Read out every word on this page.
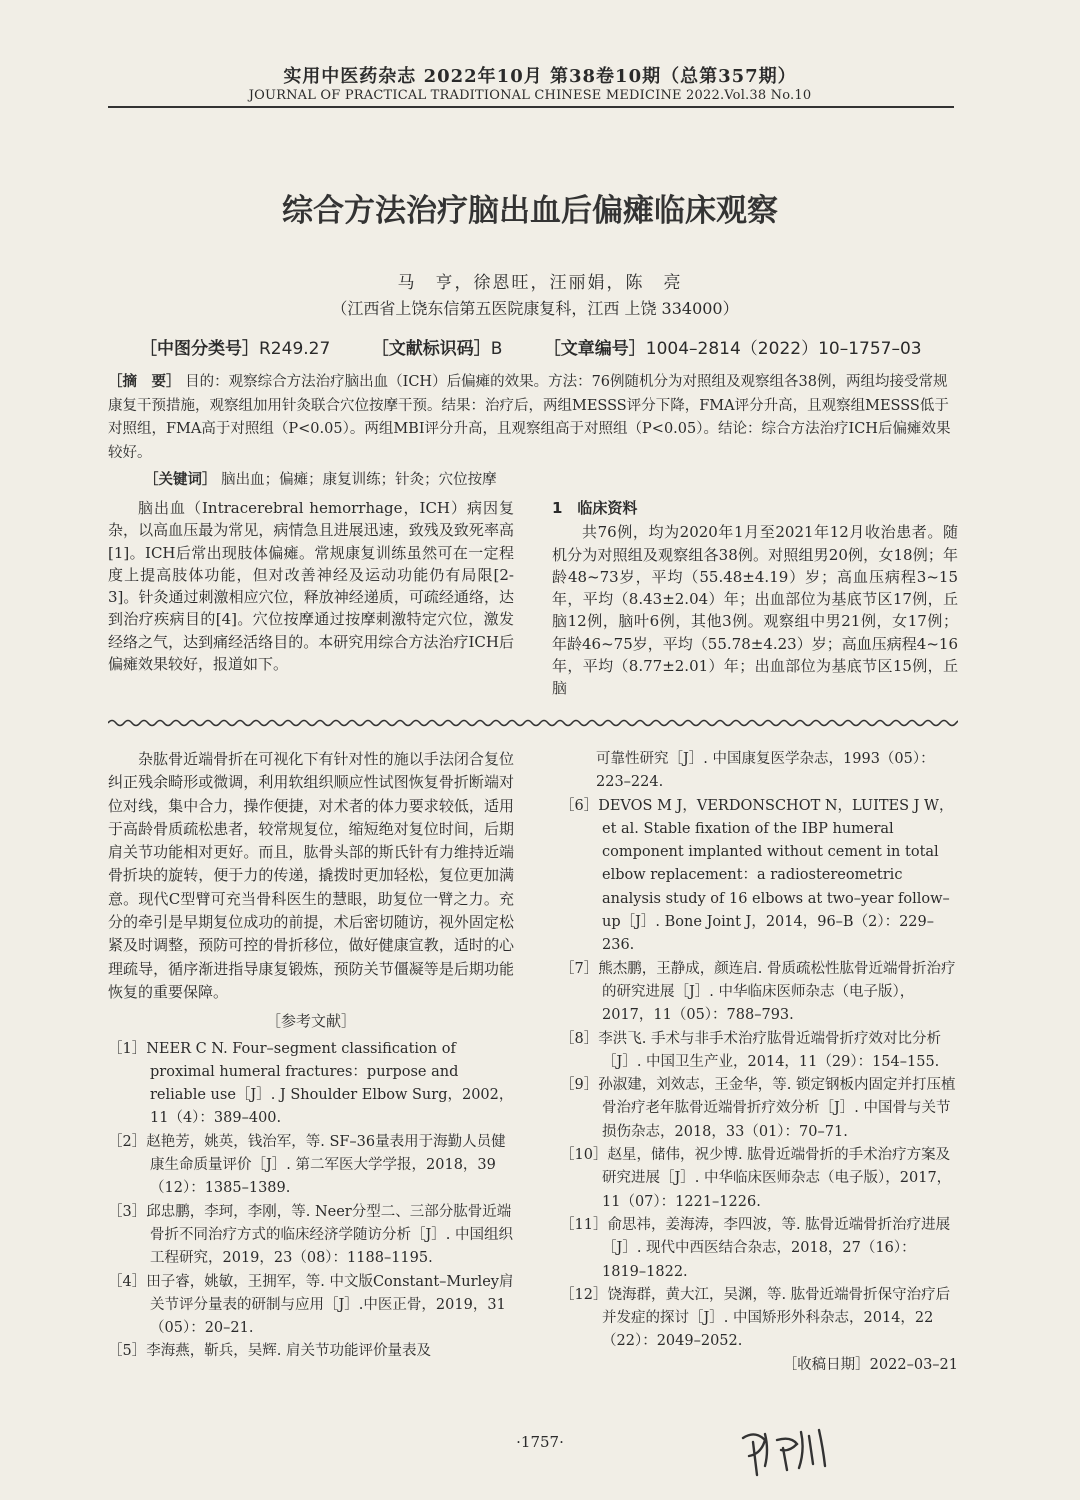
实用中医药杂志 2022年10月 第38卷10期（总第357期）
JOURNAL OF PRACTICAL TRADITIONAL CHINESE MEDICINE 2022.Vol.38 No.10
综合方法治疗脑出血后偏瘫临床观察
马　亨，徐恩旺，汪丽娟，陈　亮
（江西省上饶东信第五医院康复科，江西 上饶 334000）
［中图分类号］R249.27 ［文献标识码］B ［文章编号］1004–2814（2022）10–1757–03
［摘　要］ 目的：观察综合方法治疗脑出血（ICH）后偏瘫的效果。方法：76例随机分为对照组及观察组各38例，两组均接受常规康复干预措施，观察组加用针灸联合穴位按摩干预。结果：治疗后，两组MESSS评分下降，FMA评分升高，且观察组MESSS低于对照组，FMA高于对照组（P<0.05）。两组MBI评分升高，且观察组高于对照组（P<0.05）。结论：综合方法治疗ICH后偏瘫效果较好。
［关键词］ 脑出血；偏瘫；康复训练；针灸；穴位按摩

脑出血（Intracerebral hemorrhage，ICH）病因复杂，以高血压最为常见，病情急且进展迅速，致残及致死率高[1]。ICH后常出现肢体偏瘫。常规康复训练虽然可在一定程度上提高肢体功能，但对改善神经及运动功能仍有局限[2-3]。针灸通过刺激相应穴位，释放神经递质，可疏经通络，达到治疗疾病目的[4]。穴位按摩通过按摩刺激特定穴位，激发经络之气，达到痛经活络目的。本研究用综合方法治疗ICH后偏瘫效果较好，报道如下。

1　临床资料

共76例，均为2020年1月至2021年12月收治患者。随机分为对照组及观察组各38例。对照组男20例，女18例；年龄48~73岁，平均（55.48±4.19）岁；高血压病程3~15年，平均（8.43±2.04）年；出血部位为基底节区17例，丘脑12例，脑叶6例，其他3例。观察组中男21例，女17例；年龄46~75岁，平均（55.78±4.23）岁；高血压病程4~16年，平均（8.77±2.01）年；出血部位为基底节区15例，丘脑

杂肱骨近端骨折在可视化下有针对性的施以手法闭合复位纠正残余畸形或微调，利用软组织顺应性试图恢复骨折断端对位对线，集中合力，操作便捷，对术者的体力要求较低，适用于高龄骨质疏松患者，较常规复位，缩短绝对复位时间，后期肩关节功能相对更好。而且，肱骨头部的斯氏针有力维持近端骨折块的旋转，便于力的传递，撬拨时更加轻松，复位更加满意。现代C型臂可充当骨科医生的慧眼，助复位一臂之力。充分的牵引是早期复位成功的前提，术后密切随访，视外固定松紧及时调整，预防可控的骨折移位，做好健康宣教，适时的心理疏导，循序渐进指导康复锻炼，预防关节僵凝等是后期功能恢复的重要保障。

［参考文献］
［1］NEER C N. Four–segment classification of proximal humeral fractures：purpose and reliable use［J］. J Shoulder Elbow Surg，2002，11（4）：389–400.
［2］赵艳芳，姚英，钱治军，等. SF–36量表用于海勤人员健康生命质量评价［J］. 第二军医大学学报，2018，39（12）：1385–1389.
［3］邱忠鹏，李珂，李刚，等. Neer分型二、三部分肱骨近端骨折不同治疗方式的临床经济学随访分析［J］. 中国组织工程研究，2019，23（08）：1188–1195.
［4］田子睿，姚敏，王拥军，等. 中文版Constant–Murley肩关节评分量表的研制与应用［J］.中医正骨，2019，31（05）：20–21.
［5］李海燕，靳兵，吴辉. 肩关节功能评价量表及
可靠性研究［J］. 中国康复医学杂志，1993（05）：223–224.
［6］DEVOS M J，VERDONSCHOT N，LUITES J W，et al. Stable fixation of the IBP humeral component implanted without cement in total elbow replacement：a radiostereometric analysis study of 16 elbows at two–year follow–up［J］. Bone Joint J，2014，96–B（2）：229–236.
［7］熊杰鹏，王静成，颜连启. 骨质疏松性肱骨近端骨折治疗的研究进展［J］. 中华临床医师杂志（电子版），2017，11（05）：788–793.
［8］李洪飞. 手术与非手术治疗肱骨近端骨折疗效对比分析［J］. 中国卫生产业，2014，11（29）：154–155.
［9］孙淑建，刘效志，王金华，等. 锁定钢板内固定并打压植骨治疗老年肱骨近端骨折疗效分析［J］. 中国骨与关节损伤杂志，2018，33（01）：70–71.
［10］赵星，储伟，祝少博. 肱骨近端骨折的手术治疗方案及研究进展［J］. 中华临床医师杂志（电子版），2017，11（07）：1221–1226.
［11］俞思祎，姜海涛，李四波，等. 肱骨近端骨折治疗进展［J］. 现代中西医结合杂志，2018，27（16）：1819–1822.
［12］饶海群，黄大江，吴渊，等. 肱骨近端骨折保守治疗后并发症的探讨［J］. 中国矫形外科杂志，2014，22（22）：2049–2052.
［收稿日期］2022–03–21
·1757·
